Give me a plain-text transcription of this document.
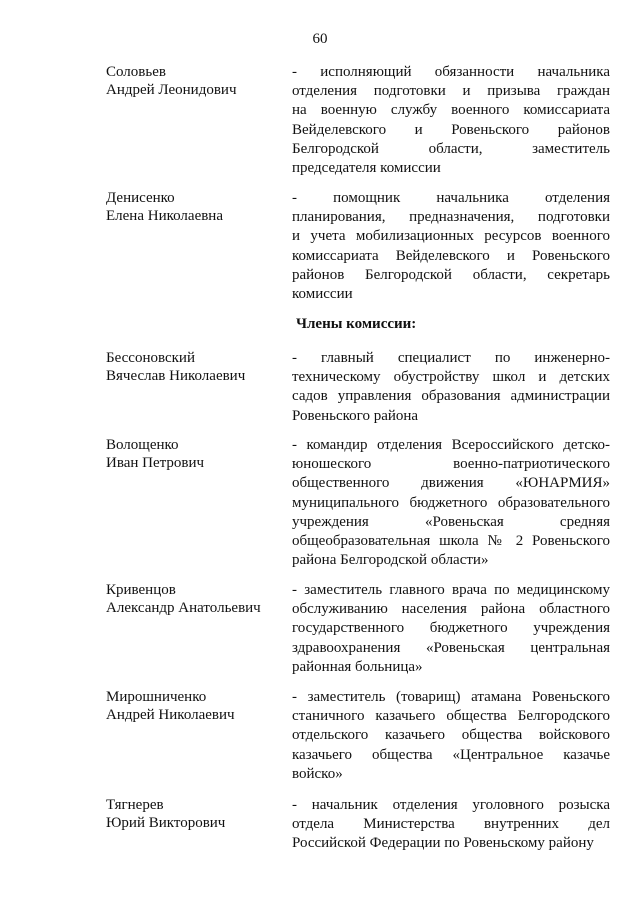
60
Соловьев
Андрей Леонидович
- исполняющий обязанности начальника
отделения подготовки и призыва граждан
на военную службу военного комиссариата
Вейделевского и Ровеньского районов
Белгородской области, заместитель
председателя комиссии
Денисенко
Елена Николаевна
- помощник начальника отделения
планирования, предназначения, подготовки
и учета мобилизационных ресурсов военного
комиссариата Вейделевского и Ровеньского
районов Белгородской области, секретарь
комиссии
Члены комиссии:
Бессоновский
Вячеслав Николаевич
- главный специалист по инженерно-
техническому обустройству школ и детских
садов управления образования администрации
Ровеньского района
Волощенко
Иван Петрович
- командир отделения Всероссийского детско-
юношеского военно-патриотического
общественного движения «ЮНАРМИЯ»
муниципального бюджетного образовательного
учреждения «Ровеньская средняя
общеобразовательная школа № 2 Ровеньского
района Белгородской области»
Кривенцов
Александр Анатольевич
- заместитель главного врача по медицинскому
обслуживанию населения района областного
государственного бюджетного учреждения
здравоохранения «Ровеньская центральная
районная больница»
Мирошниченко
Андрей Николаевич
- заместитель (товарищ) атамана Ровеньского
станичного казачьего общества Белгородского
отдельского казачьего общества войскового
казачьего общества «Центральное казачье
войско»
Тягнерев
Юрий Викторович
- начальник отделения уголовного розыска
отдела Министерства внутренних дел
Российской Федерации по Ровеньскому району
